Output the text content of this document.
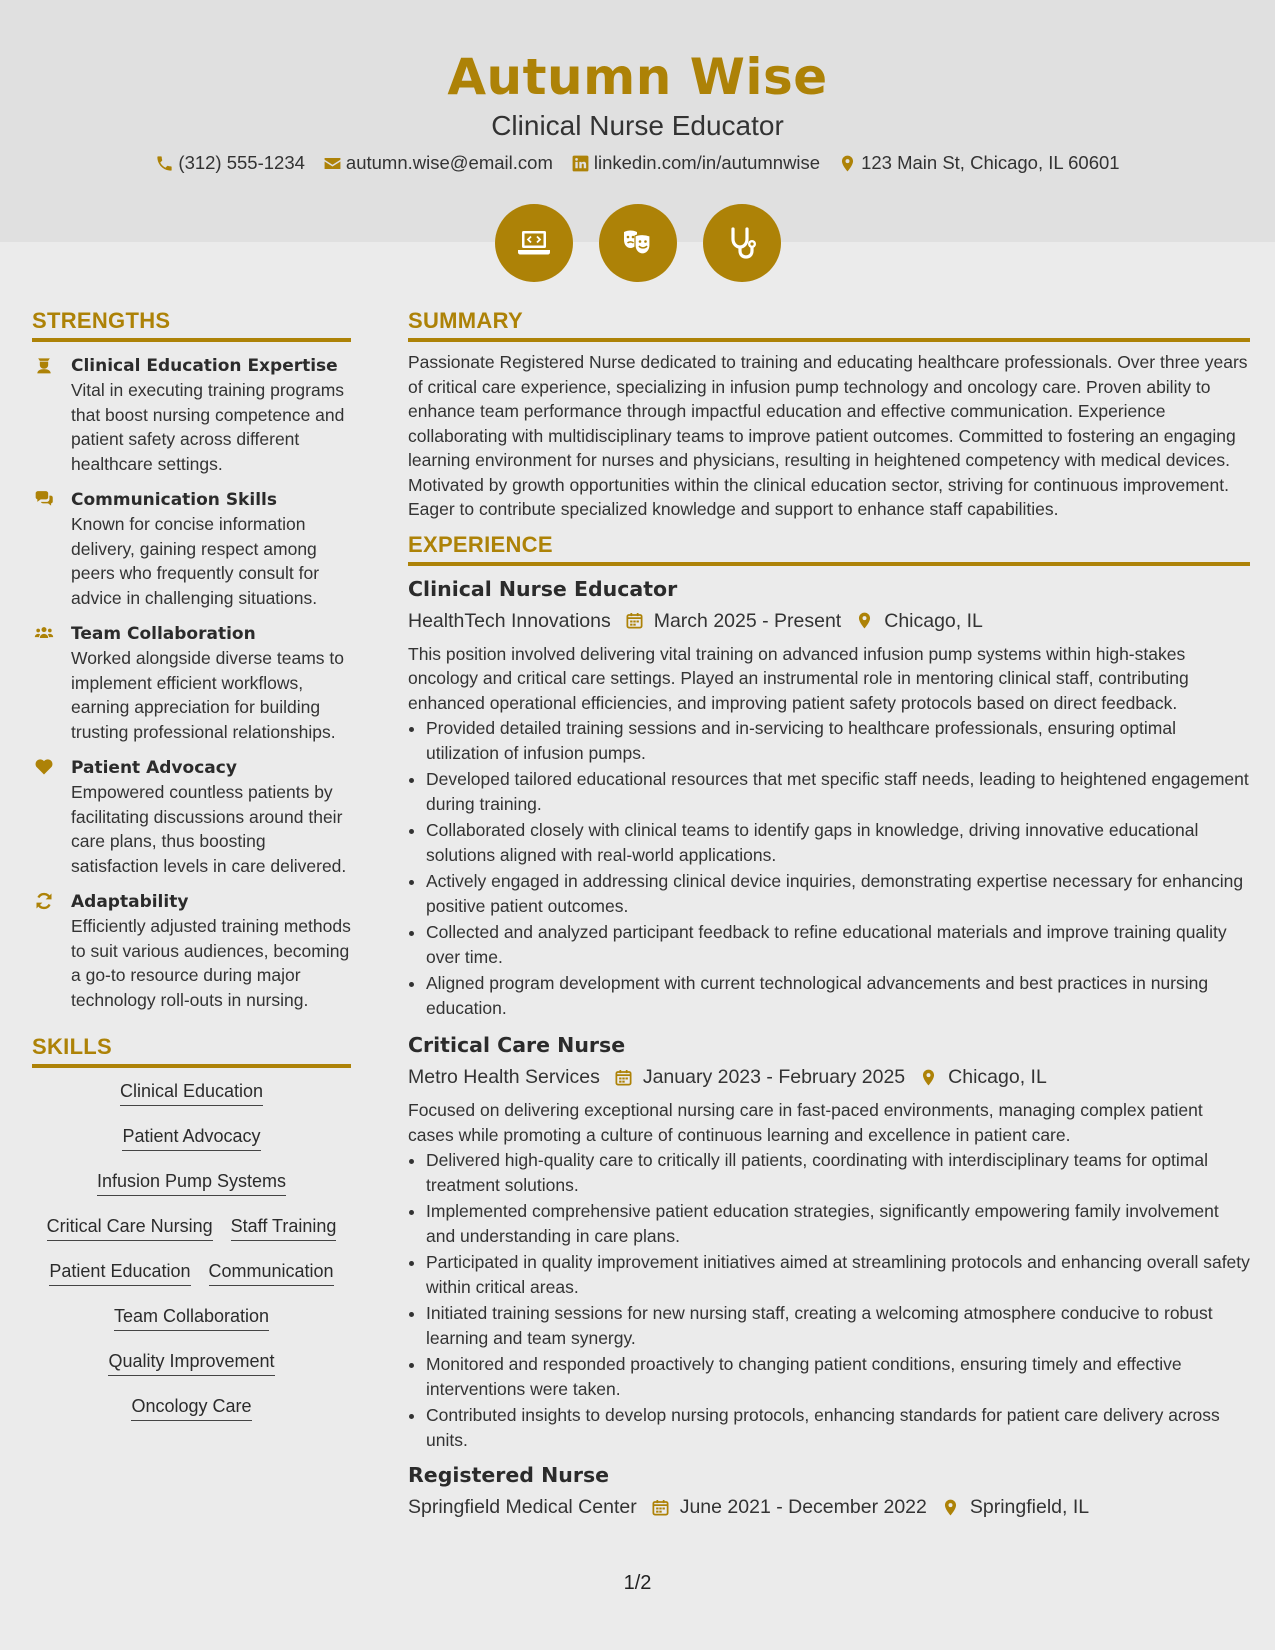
Autumn Wise
Clinical Nurse Educator
(312) 555-1234 autumn.wise@email.com linkedin.com/in/autumnwise 123 Main St, Chicago, IL 60601
STRENGTHS
Clinical Education Expertise
Vital in executing training programs that boost nursing competence and patient safety across different healthcare settings.
Communication Skills
Known for concise information delivery, gaining respect among peers who frequently consult for advice in challenging situations.
Team Collaboration
Worked alongside diverse teams to implement efficient workflows, earning appreciation for building trusting professional relationships.
Patient Advocacy
Empowered countless patients by facilitating discussions around their care plans, thus boosting satisfaction levels in care delivered.
Adaptability
Efficiently adjusted training methods to suit various audiences, becoming a go-to resource during major technology roll-outs in nursing.
SKILLS
Clinical Education
Patient Advocacy
Infusion Pump Systems
Critical Care Nursing Staff Training
Patient Education Communication
Team Collaboration
Quality Improvement
Oncology Care
SUMMARY
Passionate Registered Nurse dedicated to training and educating healthcare professionals. Over three years of critical care experience, specializing in infusion pump technology and oncology care. Proven ability to enhance team performance through impactful education and effective communication. Experience collaborating with multidisciplinary teams to improve patient outcomes. Committed to fostering an engaging learning environment for nurses and physicians, resulting in heightened competency with medical devices. Motivated by growth opportunities within the clinical education sector, striving for continuous improvement. Eager to contribute specialized knowledge and support to enhance staff capabilities.
EXPERIENCE
Clinical Nurse Educator
HealthTech Innovations March 2025 - Present Chicago, IL
This position involved delivering vital training on advanced infusion pump systems within high-stakes oncology and critical care settings. Played an instrumental role in mentoring clinical staff, contributing enhanced operational efficiencies, and improving patient safety protocols based on direct feedback.
• Provided detailed training sessions and in-servicing to healthcare professionals, ensuring optimal utilization of infusion pumps.
• Developed tailored educational resources that met specific staff needs, leading to heightened engagement during training.
• Collaborated closely with clinical teams to identify gaps in knowledge, driving innovative educational solutions aligned with real-world applications.
• Actively engaged in addressing clinical device inquiries, demonstrating expertise necessary for enhancing positive patient outcomes.
• Collected and analyzed participant feedback to refine educational materials and improve training quality over time.
• Aligned program development with current technological advancements and best practices in nursing education.
Critical Care Nurse
Metro Health Services January 2023 - February 2025 Chicago, IL
Focused on delivering exceptional nursing care in fast-paced environments, managing complex patient cases while promoting a culture of continuous learning and excellence in patient care.
• Delivered high-quality care to critically ill patients, coordinating with interdisciplinary teams for optimal treatment solutions.
• Implemented comprehensive patient education strategies, significantly empowering family involvement and understanding in care plans.
• Participated in quality improvement initiatives aimed at streamlining protocols and enhancing overall safety within critical areas.
• Initiated training sessions for new nursing staff, creating a welcoming atmosphere conducive to robust learning and team synergy.
• Monitored and responded proactively to changing patient conditions, ensuring timely and effective interventions were taken.
• Contributed insights to develop nursing protocols, enhancing standards for patient care delivery across units.
Registered Nurse
Springfield Medical Center June 2021 - December 2022 Springfield, IL
1/2
